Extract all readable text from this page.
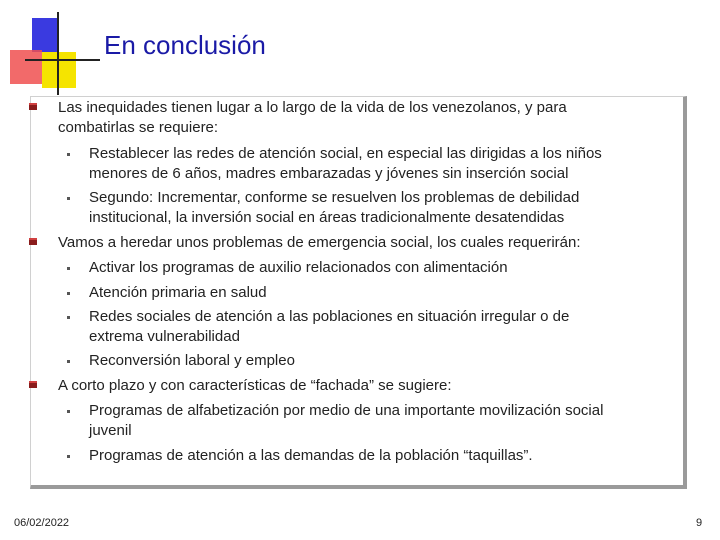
En conclusión
Las inequidades tienen lugar a lo largo de la vida de los venezolanos, y para
combatirlas se requiere:
Restablecer las redes de atención social, en especial las dirigidas a los niños
menores de 6 años, madres embarazadas y jóvenes sin inserción social
Segundo: Incrementar, conforme se resuelven los problemas de debilidad
institucional, la inversión social en áreas tradicionalmente desatendidas
Vamos a heredar unos problemas de emergencia social, los cuales requerirán:
Activar los programas de auxilio relacionados con alimentación
Atención primaria en salud
Redes sociales de atención a las poblaciones en situación irregular o de
extrema vulnerabilidad
Reconversión laboral y empleo
A corto plazo y con características de “fachada” se sugiere:
Programas de alfabetización por medio de una importante movilización social
juvenil
Programas de atención a las demandas de la población “taquillas”.
06/02/2022	9
